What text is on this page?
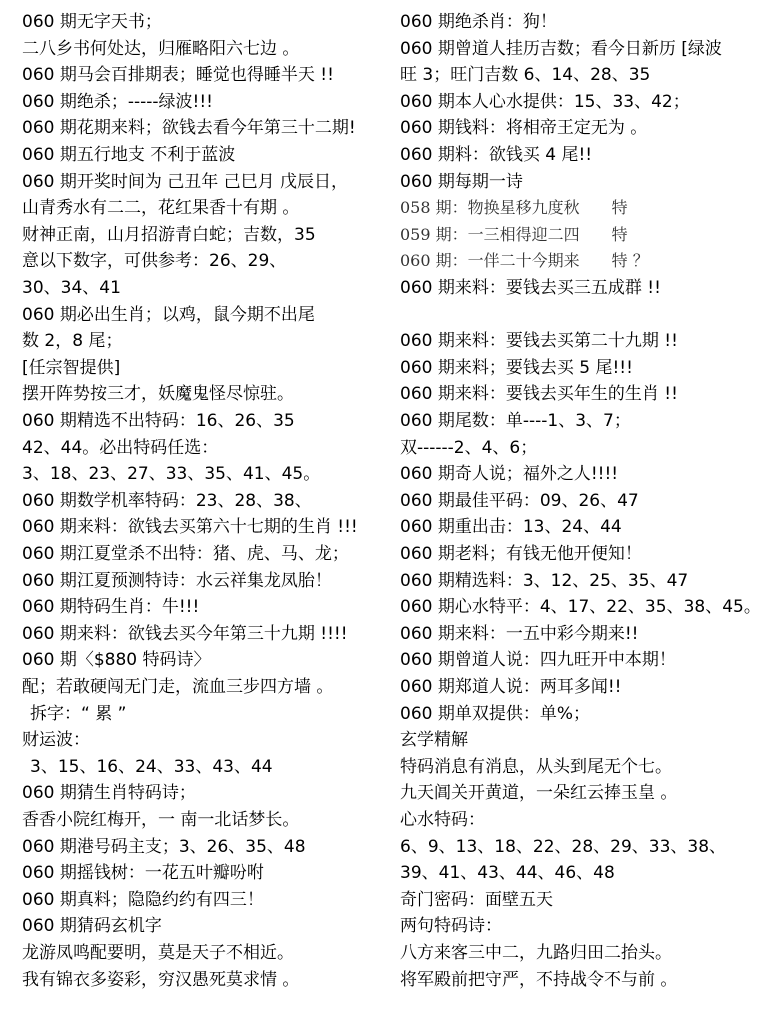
060 期无字天书；
二八乡书何处达，归雁略阳六七边 。
060 期马会百排期表；睡觉也得睡半天 !!
060 期绝杀；-----绿波!!!
060 期花期来料；欲钱去看今年第三十二期!
060 期五行地支 不利于蓝波
060 期开奖时间为 己丑年 己巳月 戊辰日，
山青秀水有二二，花红果香十有期 。
财神正南，山月招游青白蛇；吉数，35
意以下数字，可供参考：26、29、
30、34、41
060 期必出生肖；以鸡，鼠今期不出尾
数 2，8 尾；
[任宗智提供]
摆开阵势按三才，妖魔鬼怪尽惊驻。
060 期精选不出特码：16、26、35
42、44。必出特码任选：
3、18、23、27、33、35、41、45。
060 期数学机率特码：23、28、38、
060 期来料：欲钱去买第六十七期的生肖 !!!
060 期江夏堂杀不出特：猪、虎、马、龙；
060 期江夏预测特诗：水云祥集龙凤胎！
060 期特码生肖：牛!!!
060 期来料：欲钱去买今年第三十九期 !!!!
060 期〈$880 特码诗〉
配；若敢硬闯无门走，流血三步四方墙 。
拆字：“ 累 ”
财运波：
3、15、16、24、33、43、44
060 期猜生肖特码诗；
香香小院红梅开，一 南一北话梦长。
060 期港号码主支；3、26、35、48
060 期摇钱树：一花五叶瓣吩咐
060 期真料；隐隐约约有四三！
060 期猜码玄机字
龙游凤鸣配要明，莫是天子不相近。
我有锦衣多姿彩，穷汉愚死莫求情 。
060 期绝杀肖：狗！
060 期曾道人挂历吉数；看今日新历 [绿波
旺 3；旺门吉数 6、14、28、35
060 期本人心水提供：15、33、42；
060 期钱料：将相帝王定无为 。
060 期料：欲钱买 4 尾!!
060 期每期一诗
058 期：物换星移九度秋　　特
059 期：一三相得迎二四　　特
060 期：一伴二十今期来　　特 ？
060 期来料：要钱去买三五成群 !!
060 期来料：要钱去买第二十九期 !!
060 期来料；要钱去买 5 尾!!!
060 期来料：要钱去买年生的生肖 !!
060 期尾数：单----1、3、7；
双------2、4、6；
060 期奇人说；福外之人!!!!
060 期最佳平码：09、26、47
060 期重出击：13、24、44
060 期老料；有钱无他开便知！
060 期精选料：3、12、25、35、47
060 期心水特平：4、17、22、35、38、45。
060 期来料：一五中彩今期来!!
060 期曾道人说：四九旺开中本期！
060 期郑道人说：两耳多闻!!
060 期单双提供：单%；
玄学精解
特码消息有消息，从头到尾无个七。
九天阊关开黄道，一朵红云捧玉皇 。
心水特码：
6、9、13、18、22、28、29、33、38、
39、41、43、44、46、48
奇门密码：面壁五天
两句特码诗：
八方来客三中二，九路归田二抬头。
将军殿前把守严，不持战令不与前 。
